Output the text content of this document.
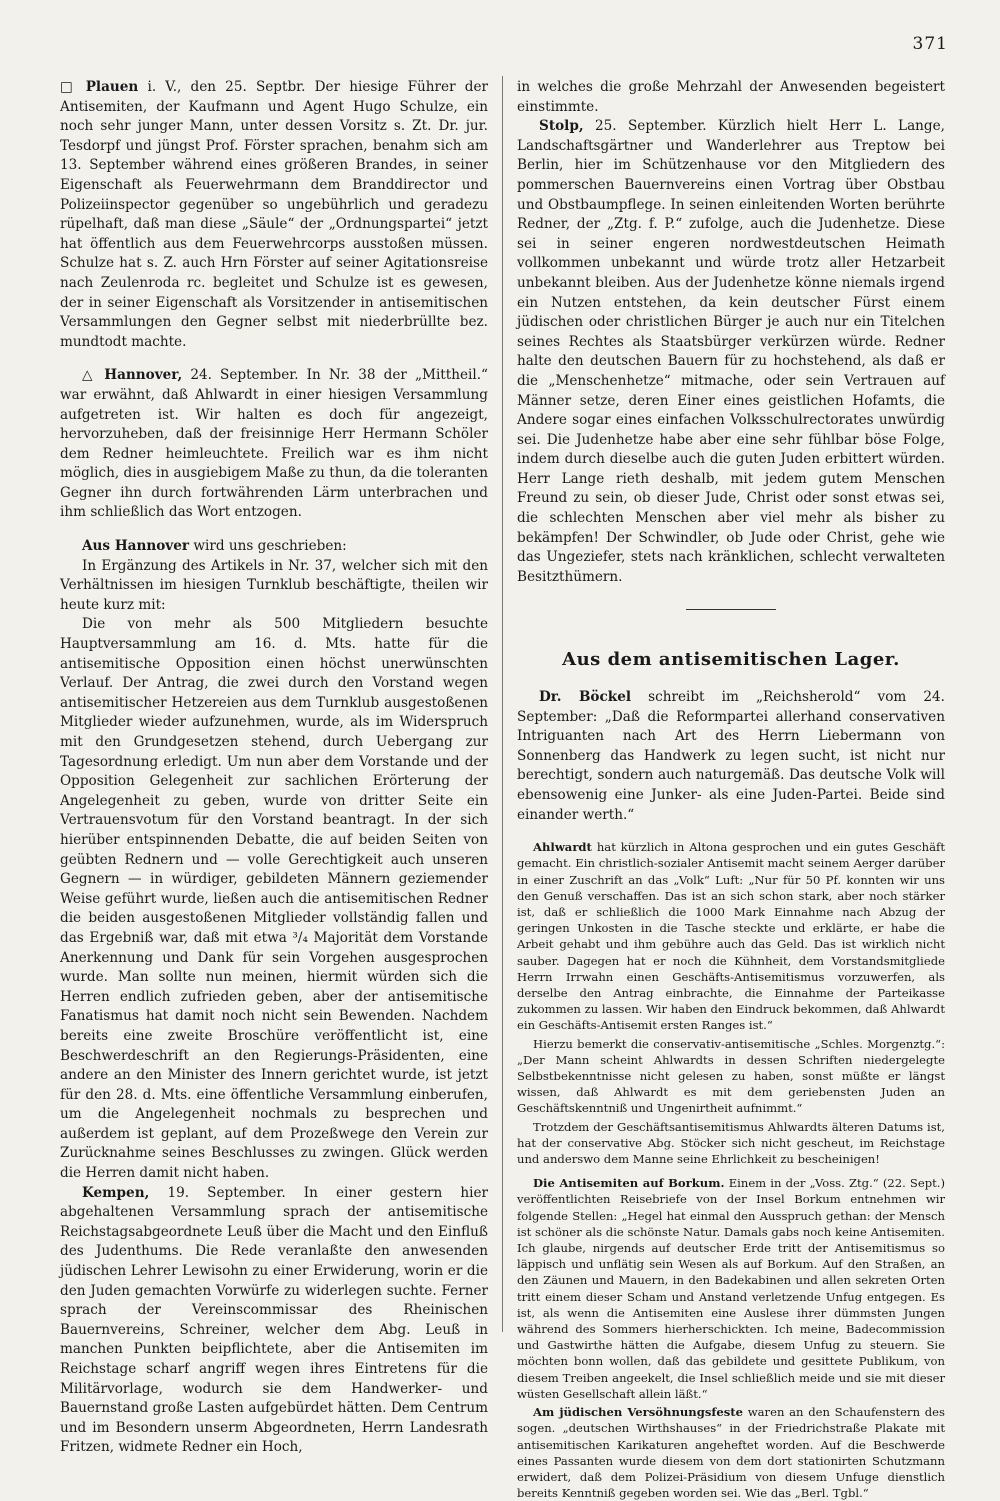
371

□ Plauen i. V., den 25. Septbr. Der hiesige Führer der Antisemiten, der Kaufmann und Agent Hugo Schulze, ein noch sehr junger Mann, unter dessen Vorsitz s. Zt. Dr. jur. Tesdorpf und jüngst Prof. Förster sprachen, benahm sich am 13. September während eines größeren Brandes, in seiner Eigenschaft als Feuerwehrmann dem Branddirector und Polizeiinspector gegenüber so ungebührlich und geradezu rüpelhaft, daß man diese „Säule“ der „Ordnungspartei“ jetzt hat öffentlich aus dem Feuerwehrcorps ausstoßen müssen. Schulze hat s. Z. auch Hrn Förster auf seiner Agitationsreise nach Zeulenroda rc. begleitet und Schulze ist es gewesen, der in seiner Eigenschaft als Vorsitzender in antisemitischen Versammlungen den Gegner selbst mit niederbrüllte bez. mundtodt machte.

△ Hannover, 24. September. In Nr. 38 der „Mittheil.“ war erwähnt, daß Ahlwardt in einer hiesigen Versammlung aufgetreten ist. Wir halten es doch für angezeigt, hervorzuheben, daß der freisinnige Herr Hermann Schöler dem Redner heimleuchtete. Freilich war es ihm nicht möglich, dies in ausgiebigem Maße zu thun, da die toleranten Gegner ihn durch fortwährenden Lärm unterbrachen und ihm schließlich das Wort entzogen.

Aus Hannover wird uns geschrieben:

In Ergänzung des Artikels in Nr. 37, welcher sich mit den Verhältnissen im hiesigen Turnklub beschäftigte, theilen wir heute kurz mit:

Die von mehr als 500 Mitgliedern besuchte Hauptversammlung am 16. d. Mts. hatte für die antisemitische Opposition einen höchst unerwünschten Verlauf. Der Antrag, die zwei durch den Vorstand wegen antisemitischer Hetzereien aus dem Turnklub ausgestoßenen Mitglieder wieder aufzunehmen, wurde, als im Widerspruch mit den Grundgesetzen stehend, durch Uebergang zur Tagesordnung erledigt. Um nun aber dem Vorstande und der Opposition Gelegenheit zur sachlichen Erörterung der Angelegenheit zu geben, wurde von dritter Seite ein Vertrauensvotum für den Vorstand beantragt. In der sich hierüber entspinnenden Debatte, die auf beiden Seiten von geübten Rednern und — volle Gerechtigkeit auch unseren Gegnern — in würdiger, gebildeten Männern geziemender Weise geführt wurde, ließen auch die antisemitischen Redner die beiden ausgestoßenen Mitglieder vollständig fallen und das Ergebniß war, daß mit etwa ³/₄ Majorität dem Vorstande Anerkennung und Dank für sein Vorgehen ausgesprochen wurde. Man sollte nun meinen, hiermit würden sich die Herren endlich zufrieden geben, aber der antisemitische Fanatismus hat damit noch nicht sein Bewenden. Nachdem bereits eine zweite Broschüre veröffentlicht ist, eine Beschwerdeschrift an den Regierungs-Präsidenten, eine andere an den Minister des Innern gerichtet wurde, ist jetzt für den 28. d. Mts. eine öffentliche Versammlung einberufen, um die Angelegenheit nochmals zu besprechen und außerdem ist geplant, auf dem Prozeßwege den Verein zur Zurücknahme seines Beschlusses zu zwingen. Glück werden die Herren damit nicht haben.

Kempen, 19. September. In einer gestern hier abgehaltenen Versammlung sprach der antisemitische Reichstagsabgeordnete Leuß über die Macht und den Einfluß des Judenthums. Die Rede veranlaßte den anwesenden jüdischen Lehrer Lewisohn zu einer Erwiderung, worin er die den Juden gemachten Vorwürfe zu widerlegen suchte. Ferner sprach der Vereinscommissar des Rheinischen Bauernvereins, Schreiner, welcher dem Abg. Leuß in manchen Punkten beipflichtete, aber die Antisemiten im Reichstage scharf angriff wegen ihres Eintretens für die Militärvorlage, wodurch sie dem Handwerker- und Bauernstand große Lasten aufgebürdet hätten. Dem Centrum und im Besondern unserm Abgeordneten, Herrn Landesrath Fritzen, widmete Redner ein Hoch,

in welches die große Mehrzahl der Anwesenden begeistert einstimmte.

Stolp, 25. September. Kürzlich hielt Herr L. Lange, Landschaftsgärtner und Wanderlehrer aus Treptow bei Berlin, hier im Schützenhause vor den Mitgliedern des pommerschen Bauernvereins einen Vortrag über Obstbau und Obstbaumpflege. In seinen einleitenden Worten berührte Redner, der „Ztg. f. P.“ zufolge, auch die Judenhetze. Diese sei in seiner engeren nordwestdeutschen Heimath vollkommen unbekannt und würde trotz aller Hetzarbeit unbekannt bleiben. Aus der Judenhetze könne niemals irgend ein Nutzen entstehen, da kein deutscher Fürst einem jüdischen oder christlichen Bürger je auch nur ein Titelchen seines Rechtes als Staatsbürger verkürzen würde. Redner halte den deutschen Bauern für zu hochstehend, als daß er die „Menschenhetze“ mitmache, oder sein Vertrauen auf Männer setze, deren Einer eines geistlichen Hofamts, die Andere sogar eines einfachen Volksschulrectorates unwürdig sei. Die Judenhetze habe aber eine sehr fühlbar böse Folge, indem durch dieselbe auch die guten Juden erbittert würden. Herr Lange rieth deshalb, mit jedem gutem Menschen Freund zu sein, ob dieser Jude, Christ oder sonst etwas sei, die schlechten Menschen aber viel mehr als bisher zu bekämpfen! Der Schwindler, ob Jude oder Christ, gehe wie das Ungeziefer, stets nach kränklichen, schlecht verwalteten Besitzthümern.

Aus dem antisemitischen Lager.

Dr. Böckel schreibt im „Reichsherold“ vom 24. September: „Daß die Reformpartei allerhand conservativen Intriguanten nach Art des Herrn Liebermann von Sonnenberg das Handwerk zu legen sucht, ist nicht nur berechtigt, sondern auch naturgemäß. Das deutsche Volk will ebensowenig eine Junker- als eine Juden-Partei. Beide sind einander werth.“

Ahlwardt hat kürzlich in Altona gesprochen und ein gutes Geschäft gemacht. Ein christlich-sozialer Antisemit macht seinem Aerger darüber in einer Zuschrift an das „Volk“ Luft: „Nur für 50 Pf. konnten wir uns den Genuß verschaffen. Das ist an sich schon stark, aber noch stärker ist, daß er schließlich die 1000 Mark Einnahme nach Abzug der geringen Unkosten in die Tasche steckte und erklärte, er habe die Arbeit gehabt und ihm gebühre auch das Geld. Das ist wirklich nicht sauber. Dagegen hat er noch die Kühnheit, dem Vorstandsmitgliede Herrn Irrwahn einen Geschäfts-Antisemitismus vorzuwerfen, als derselbe den Antrag einbrachte, die Einnahme der Parteikasse zukommen zu lassen. Wir haben den Eindruck bekommen, daß Ahlwardt ein Geschäfts-Antisemit ersten Ranges ist.“

Hierzu bemerkt die conservativ-antisemitische „Schles. Morgenztg.“: „Der Mann scheint Ahlwardts in dessen Schriften niedergelegte Selbstbekenntnisse nicht gelesen zu haben, sonst müßte er längst wissen, daß Ahlwardt es mit dem geriebensten Juden an Geschäftskenntniß und Ungenirtheit aufnimmt.“

Trotzdem der Geschäftsantisemitismus Ahlwardts älteren Datums ist, hat der conservative Abg. Stöcker sich nicht gescheut, im Reichstage und anderswo dem Manne seine Ehrlichkeit zu bescheinigen!

Die Antisemiten auf Borkum. Einem in der „Voss. Ztg.“ (22. Sept.) veröffentlichten Reisebriefe von der Insel Borkum entnehmen wir folgende Stellen: „Hegel hat einmal den Ausspruch gethan: der Mensch ist schöner als die schönste Natur. Damals gabs noch keine Antisemiten. Ich glaube, nirgends auf deutscher Erde tritt der Antisemitismus so läppisch und unflätig sein Wesen als auf Borkum. Auf den Straßen, an den Zäunen und Mauern, in den Badekabinen und allen sekreten Orten tritt einem dieser Scham und Anstand verletzende Unfug entgegen. Es ist, als wenn die Antisemiten eine Auslese ihrer dümmsten Jungen während des Sommers hierherschickten. Ich meine, Badecommission und Gastwirthe hätten die Aufgabe, diesem Unfug zu steuern. Sie möchten bonn wollen, daß das gebildete und gesittete Publikum, von diesem Treiben angeekelt, die Insel schließlich meide und sie mit dieser wüsten Gesellschaft allein läßt.“

Am jüdischen Versöhnungsfeste waren an den Schaufenstern des sogen. „deutschen Wirthshauses“ in der Friedrichstraße Plakate mit antisemitischen Karikaturen angeheftet worden. Auf die Beschwerde eines Passanten wurde diesem von dem dort stationirten Schutzmann erwidert, daß dem Polizei-Präsidium von diesem Unfuge dienstlich bereits Kenntniß gegeben worden sei. Wie das „Berl. Tgbl.“
